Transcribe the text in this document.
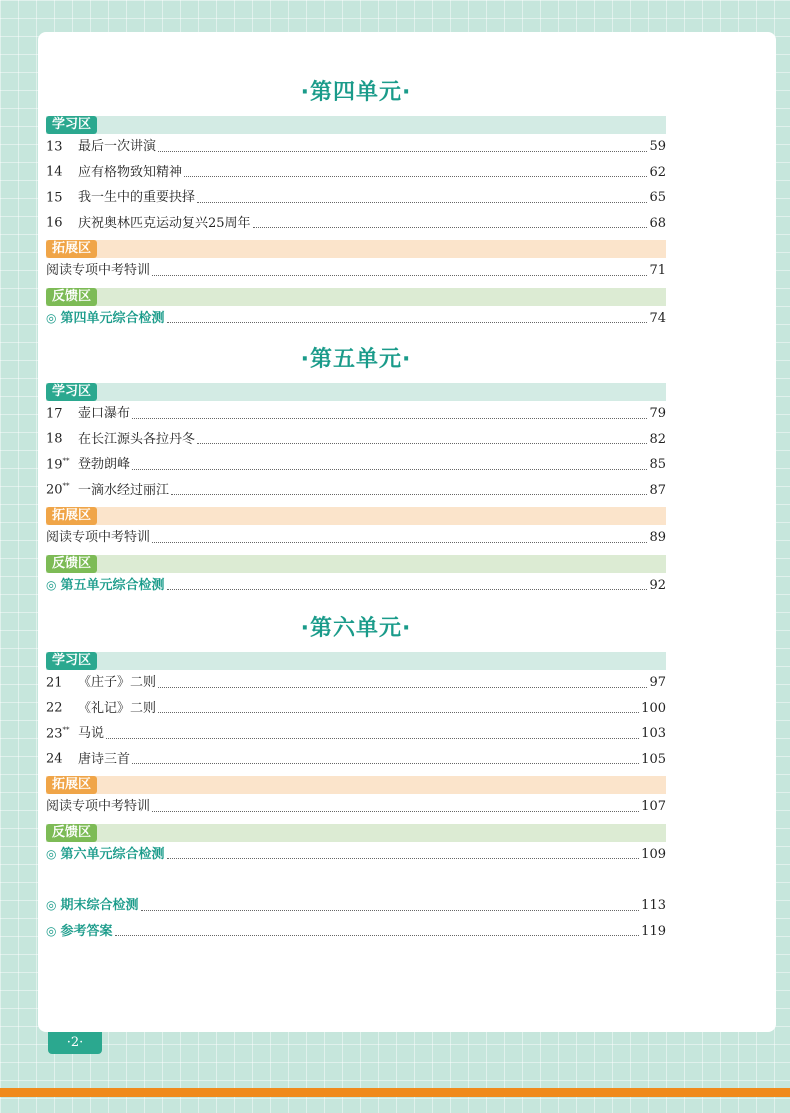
·第四单元·
学习区
13	最后一次讲演	59
14	应有格物致知精神	62
15	我一生中的重要抉择	65
16	庆祝奥林匹克运动复兴25周年	68
拓展区
阅读专项中考特训	71
反馈区
◎ 第四单元综合检测	74
·第五单元·
学习区
17	壶口瀑布	79
18	在长江源头各拉丹冬	82
19** 登勃朗峰	85
20** 一滴水经过丽江	87
拓展区
阅读专项中考特训	89
反馈区
◎ 第五单元综合检测	92
·第六单元·
学习区
21	《庄子》二则	97
22	《礼记》二则	100
23** 马说	103
24	唐诗三首	105
拓展区
阅读专项中考特训	107
反馈区
◎ 第六单元综合检测	109
◎ 期末综合检测	113
◎ 参考答案	119
·2·
